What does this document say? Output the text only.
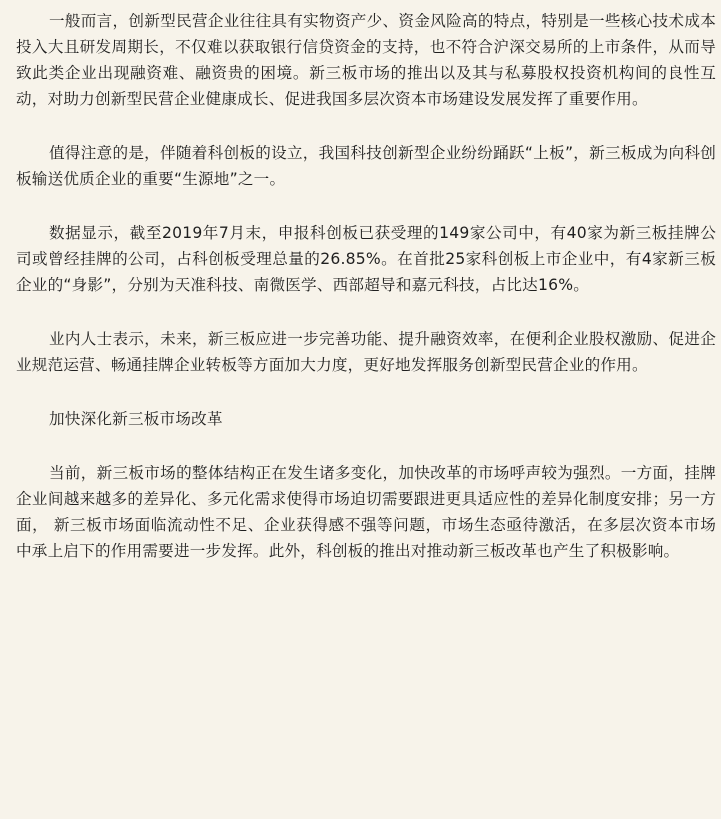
一般而言，创新型民营企业往往具有实物资产少、资金风险高的特点，特别是一些核心技术成本投入大且研发周期长，不仅难以获取银行信贷资金的支持，也不符合沪深交易所的上市条件，从而导致此类企业出现融资难、融资贵的困境。新三板市场的推出以及其与私募股权投资机构间的良性互动，对助力创新型民营企业健康成长、促进我国多层次资本市场建设发展发挥了重要作用。

值得注意的是，伴随着科创板的设立，我国科技创新型企业纷纷踊跃“上板”，新三板成为向科创板输送优质企业的重要“生源地”之一。

数据显示，截至2019年7月末，申报科创板已获受理的149家公司中，有40家为新三板挂牌公司或曾经挂牌的公司，占科创板受理总量的26.85%。在首批25家科创板上市企业中，有4家新三板企业的“身影”，分别为天准科技、南微医学、西部超导和嘉元科技，占比达16%。

业内人士表示，未来，新三板应进一步完善功能、提升融资效率，在便利企业股权激励、促进企业规范运营、畅通挂牌企业转板等方面加大力度，更好地发挥服务创新型民营企业的作用。

加快深化新三板市场改革

当前，新三板市场的整体结构正在发生诸多变化，加快改革的市场呼声较为强烈。一方面，挂牌企业间越来越多的差异化、多元化需求使得市场迫切需要跟进更具适应性的差异化制度安排；另一方面， 新三板市场面临流动性不足、企业获得感不强等问题，市场生态亟待激活，在多层次资本市场中承上启下的作用需要进一步发挥。此外，科创板的推出对推动新三板改革也产生了积极影响。
